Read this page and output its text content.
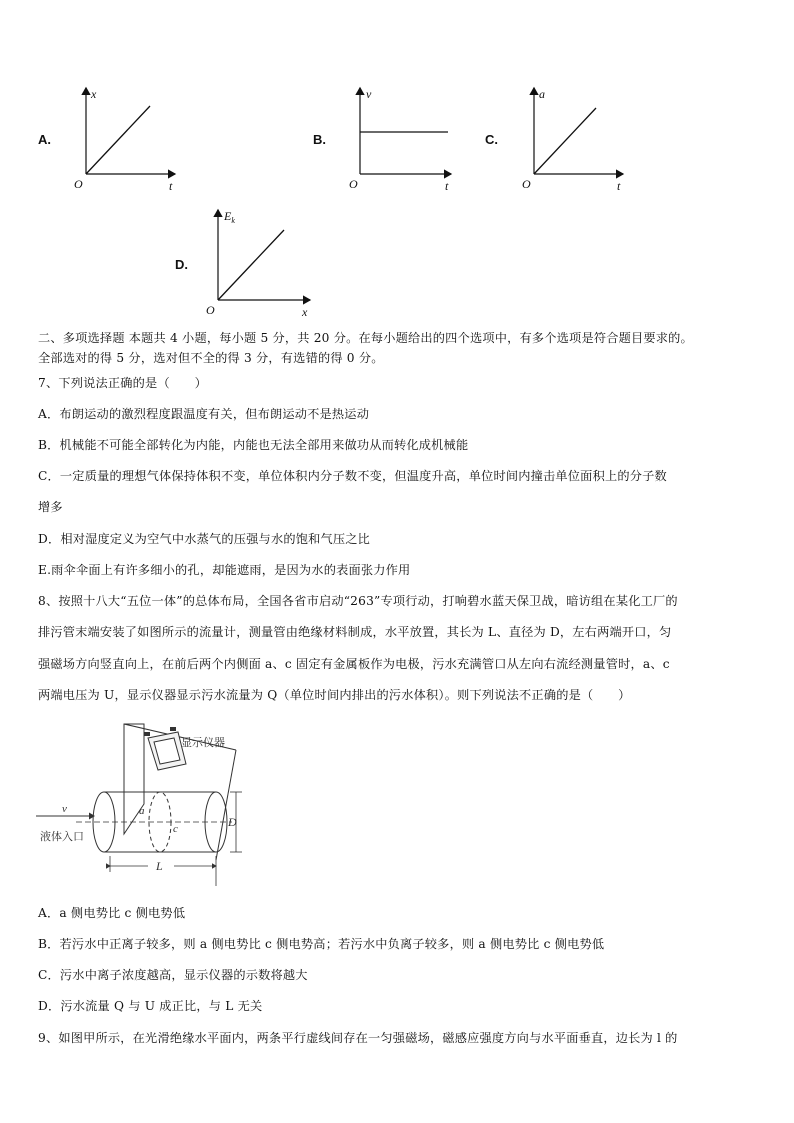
A.
x
t
O
B.
v
t
O
C.
a
t
O
D.
$E_k$
x
O
二、多项选择题 本题共 4 小题，每小题 5 分，共 20 分。在每小题给出的四个选项中，有多个选项是符合题目要求的。
全部选对的得 5 分，选对但不全的得 3 分，有选错的得 0 分。
7、下列说法正确的是（　　）
A．布朗运动的激烈程度跟温度有关，但布朗运动不是热运动
B．机械能不可能全部转化为内能，内能也无法全部用来做功从而转化成机械能
C．一定质量的理想气体保持体积不变，单位体积内分子数不变，但温度升高，单位时间内撞击单位面积上的分子数
增多
D．相对湿度定义为空气中水蒸气的压强与水的饱和气压之比
E.雨伞伞面上有许多细小的孔，却能遮雨，是因为水的表面张力作用
8、按照十八大“五位一体”的总体布局，全国各省市启动“263”专项行动，打响碧水蓝天保卫战，暗访组在某化工厂的
排污管末端安装了如图所示的流量计，测量管由绝缘材料制成，水平放置，其长为 L、直径为 D，左右两端开口，匀
强磁场方向竖直向上，在前后两个内侧面 a、c 固定有金属板作为电极，污水充满管口从左向右流经测量管时，a、c
两端电压为 U，显示仪器显示污水流量为 Q（单位时间内排出的污水体积）。则下列说法不正确的是（　　）
显示仪器
v
液体入口
a
c	D
L
A．a 侧电势比 c 侧电势低
B．若污水中正离子较多，则 a 侧电势比 c 侧电势高；若污水中负离子较多，则 a 侧电势比 c 侧电势低
C．污水中离子浓度越高，显示仪器的示数将越大
D．污水流量 Q 与 U 成正比，与 L 无关
9、如图甲所示，在光滑绝缘水平面内，两条平行虚线间存在一匀强磁场，磁感应强度方向与水平面垂直，边长为 l 的
